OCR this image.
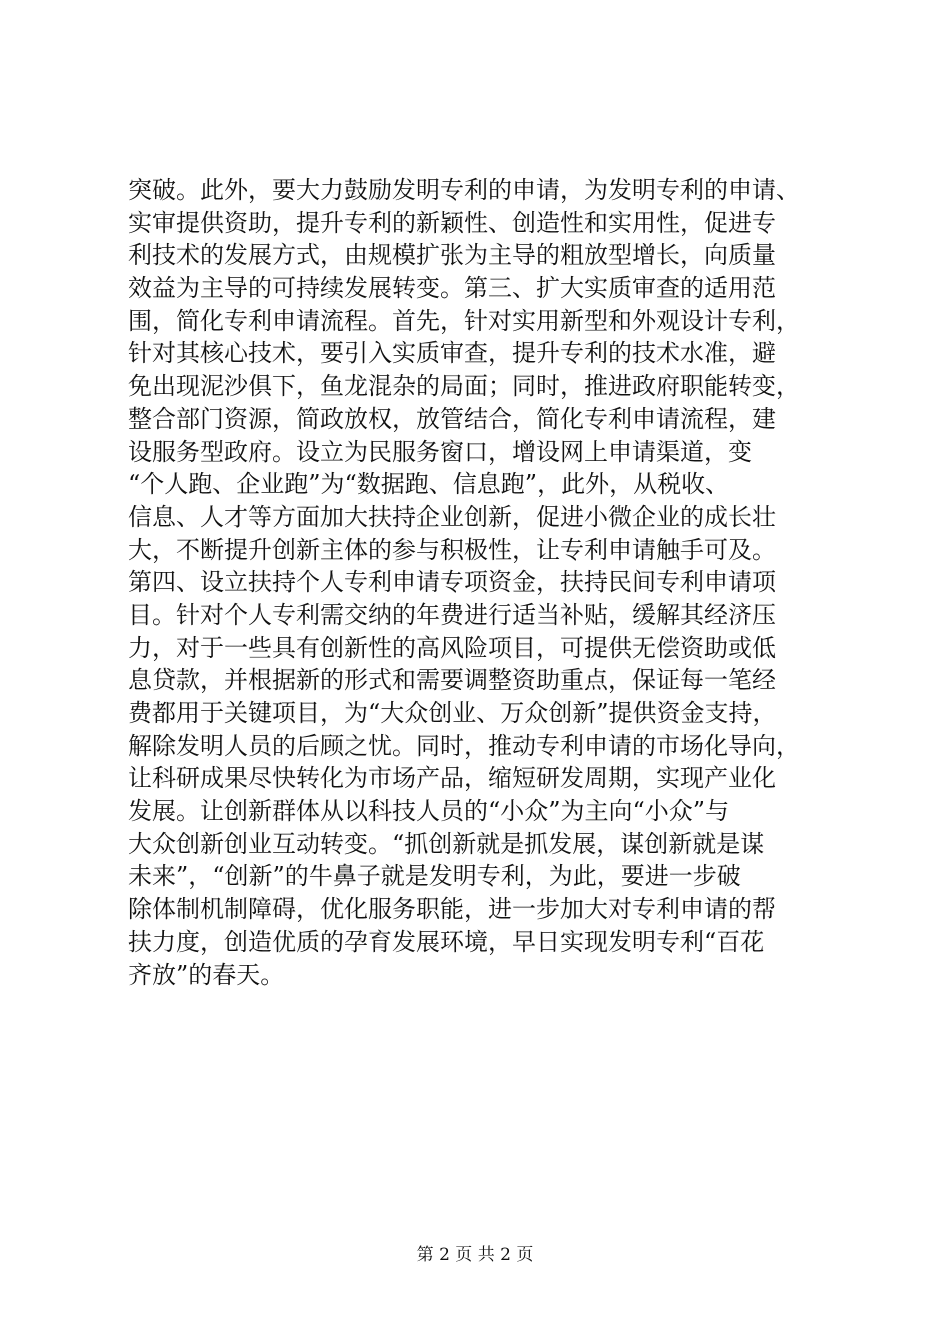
突破。此外，要大力鼓励发明专利的申请，为发明专利的申请、
实审提供资助，提升专利的新颖性、创造性和实用性，促进专
利技术的发展方式，由规模扩张为主导的粗放型增长，向质量
效益为主导的可持续发展转变。第三、扩大实质审查的适用范
围，简化专利申请流程。首先，针对实用新型和外观设计专利，
针对其核心技术，要引入实质审查，提升专利的技术水准，避
免出现泥沙俱下，鱼龙混杂的局面；同时，推进政府职能转变，
整合部门资源，简政放权，放管结合，简化专利申请流程，建
设服务型政府。设立为民服务窗口，增设网上申请渠道，变
“个人跑、企业跑”为“数据跑、信息跑”，此外，从税收、
信息、人才等方面加大扶持企业创新，促进小微企业的成长壮
大，不断提升创新主体的参与积极性，让专利申请触手可及。
第四、设立扶持个人专利申请专项资金，扶持民间专利申请项
目。针对个人专利需交纳的年费进行适当补贴，缓解其经济压
力，对于一些具有创新性的高风险项目，可提供无偿资助或低
息贷款，并根据新的形式和需要调整资助重点，保证每一笔经
费都用于关键项目，为“大众创业、万众创新”提供资金支持，
解除发明人员的后顾之忧。同时，推动专利申请的市场化导向，
让科研成果尽快转化为市场产品，缩短研发周期，实现产业化
发展。让创新群体从以科技人员的“小众”为主向“小众”与
大众创新创业互动转变。“抓创新就是抓发展，谋创新就是谋
未来”，“创新”的牛鼻子就是发明专利，为此，要进一步破
除体制机制障碍，优化服务职能，进一步加大对专利申请的帮
扶力度，创造优质的孕育发展环境，早日实现发明专利“百花
齐放”的春天。
第 2 页 共 2 页
